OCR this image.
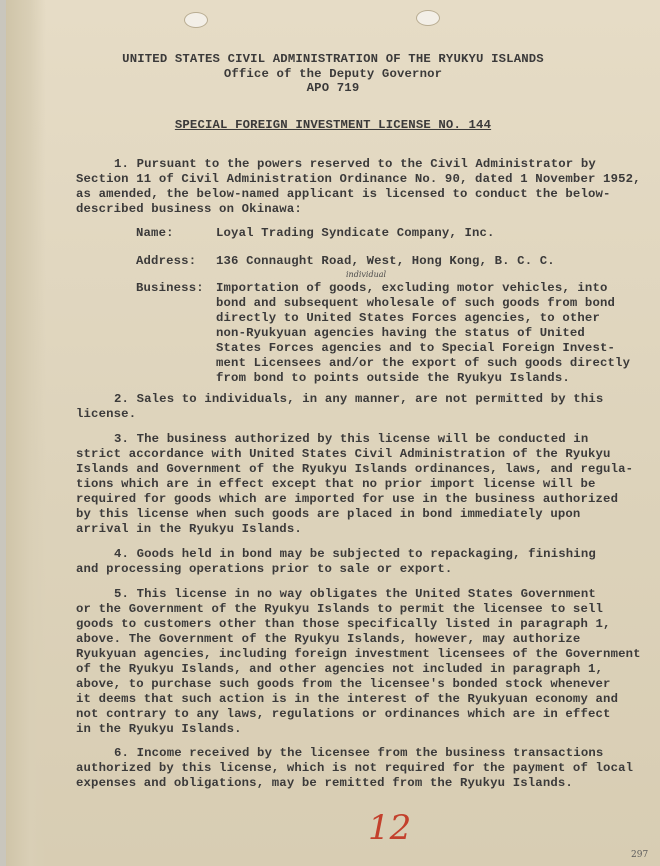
UNITED STATES CIVIL ADMINISTRATION OF THE RYUKYU ISLANDS
Office of the Deputy Governor
APO 719
SPECIAL FOREIGN INVESTMENT LICENSE NO. 144
1. Pursuant to the powers reserved to the Civil Administrator by
Section 11 of Civil Administration Ordinance No. 90, dated 1 November 1952,
as amended, the below-named applicant is licensed to conduct the below-
described business on Okinawa:
Name:	Loyal Trading Syndicate Company, Inc.
Address: 136 Connaught Road, West, Hong Kong, B. C. C.
individual
Business: Importation of goods, excluding motor vehicles, into
bond and subsequent wholesale of such goods from bond
directly to United States Forces agencies, to other
non-Ryukyuan agencies having the status of United
States Forces agencies and to Special Foreign Invest-
ment Licensees and/or the export of such goods directly
from bond to points outside the Ryukyu Islands.
2. Sales to individuals, in any manner, are not permitted by this
license.
3. The business authorized by this license will be conducted in
strict accordance with United States Civil Administration of the Ryukyu
Islands and Government of the Ryukyu Islands ordinances, laws, and regula-
tions which are in effect except that no prior import license will be
required for goods which are imported for use in the business authorized
by this license when such goods are placed in bond immediately upon
arrival in the Ryukyu Islands.
4. Goods held in bond may be subjected to repackaging, finishing
and processing operations prior to sale or export.
5. This license in no way obligates the United States Government
or the Government of the Ryukyu Islands to permit the licensee to sell
goods to customers other than those specifically listed in paragraph 1,
above. The Government of the Ryukyu Islands, however, may authorize
Ryukyuan agencies, including foreign investment licensees of the Government
of the Ryukyu Islands, and other agencies not included in paragraph 1,
above, to purchase such goods from the licensee's bonded stock whenever
it deems that such action is in the interest of the Ryukyuan economy and
not contrary to any laws, regulations or ordinances which are in effect
in the Ryukyu Islands.
6. Income received by the licensee from the business transactions
authorized by this license, which is not required for the payment of local
expenses and obligations, may be remitted from the Ryukyu Islands.
12
297
